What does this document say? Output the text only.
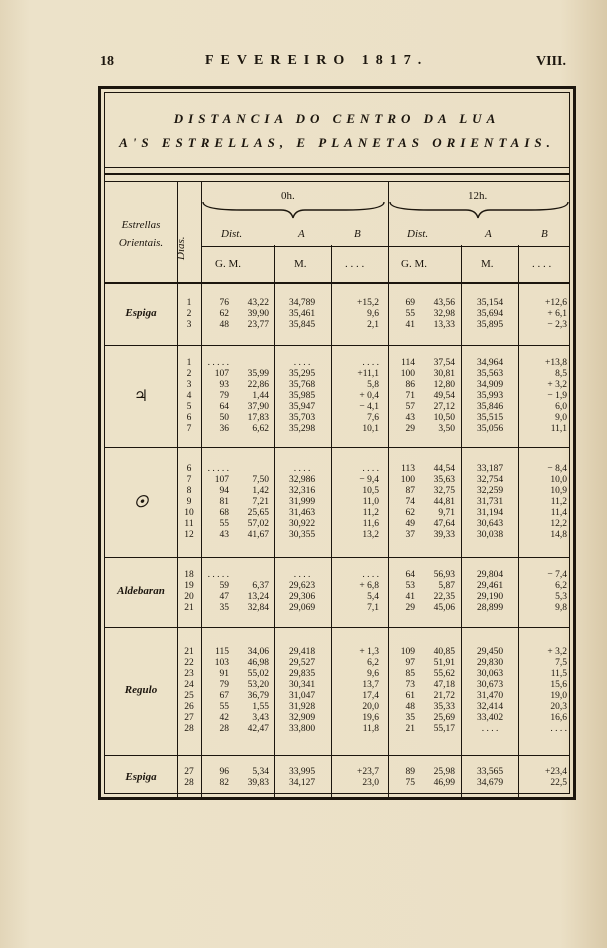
18	FEVEREIRO 1817.	VIII.
DISTANCIA DO CENTRO DA LUA
A'S ESTRELLAS, E PLANETAS ORIENTAIS.
Estrellas Orientais.	Dias.
0h.	12h.
Dist.	A	B	Dist.	A	B
G. M.	M.	. . . .	G. M.	M.	. . . .
Espiga
1	76	43,22	34,789	+15,2	69	43,56	35,154	+12,6
2	62	39,90	35,461	9,6	55	32,98	35,694	+ 6,1
3	48	23,77	35,845	2,1	41	13,33	35,895	− 2,3
♃
1	. . . . .	. . . .	. . . .	114	37,54	34,964	+13,8
2	107	35,99	35,295	+11,1	100	30,81	35,563	8,5
3	93	22,86	35,768	5,8	86	12,80	34,909	+ 3,2
4	79	1,44	35,985	+ 0,4	71	49,54	35,993	− 1,9
5	64	37,90	35,947	− 4,1	57	27,12	35,846	6,0
6	50	17,83	35,703	7,6	43	10,50	35,515	9,0
7	36	6,62	35,298	10,1	29	3,50	35,056	11,1
☉
6	. . . . .	. . . .	. . . .	113	44,54	33,187	− 8,4
7	107	7,50	32,986	− 9,4	100	35,63	32,754	10,0
8	94	1,42	32,316	10,5	87	32,75	32,259	10,9
9	81	7,21	31,999	11,0	74	44,81	31,731	11,2
10	68	25,65	31,463	11,2	62	9,71	31,194	11,4
11	55	57,02	30,922	11,6	49	47,64	30,643	12,2
12	43	41,67	30,355	13,2	37	39,33	30,038	14,8
Aldebaran
18	. . . . .	. . . .	. . . .	64	56,93	29,804	− 7,4
19	59	6,37	29,623	+ 6,8	53	5,87	29,461	6,2
20	47	13,24	29,306	5,4	41	22,35	29,190	5,3
21	35	32,84	29,069	7,1	29	45,06	28,899	9,8
Regulo
21	115	34,06	29,418	+ 1,3	109	40,85	29,450	+ 3,2
22	103	46,98	29,527	6,2	97	51,91	29,830	7,5
23	91	55,02	29,835	9,6	85	55,62	30,063	11,5
24	79	53,20	30,341	13,7	73	47,18	30,673	15,6
25	67	36,79	31,047	17,4	61	21,72	31,470	19,0
26	55	1,55	31,928	20,0	48	35,33	32,414	20,3
27	42	3,43	32,909	19,6	35	25,69	33,402	16,6
28	28	42,47	33,800	11,8	21	55,17	. . . .	. . . .
Espiga	27	96	5,34	33,995	+23,7	89	25,98	33,565	+23,4
28	82	39,83	34,127	23,0	75	46,99	34,679	22,5
